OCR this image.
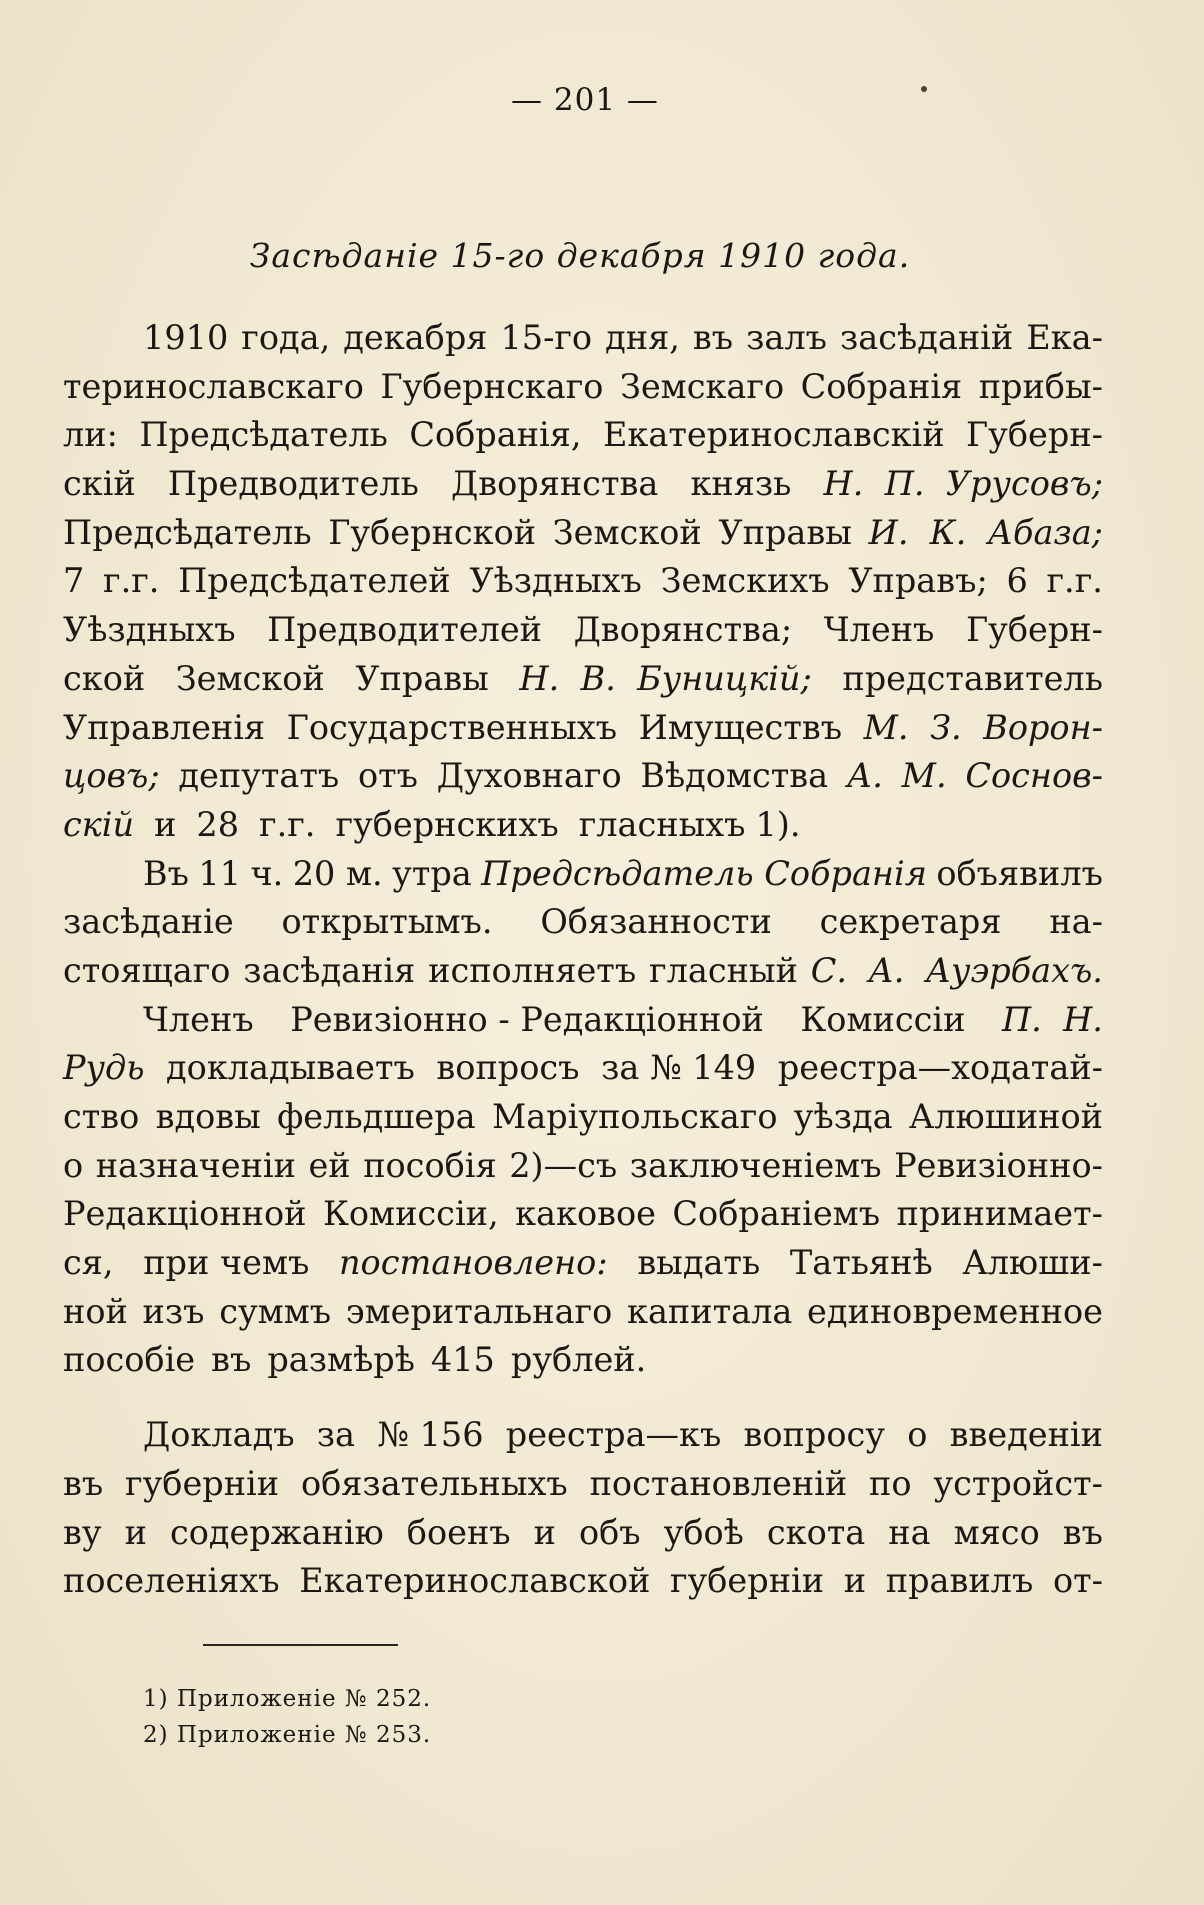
— 201 —
Засѣданіе 15-го декабря 1910 года.
1910 года, декабря 15-го дня, въ залъ засѣданій Ека-
теринославскаго Губернскаго Земскаго Собранія прибы-
ли: Предсѣдатель Собранія, Екатеринославскій Губерн-
скій Предводитель Дворянства князь Н.  П.  Урусовъ;
Предсѣдатель Губернской Земской Управы И.  К.  Абаза;
7 г.г. Предсѣдателей Уѣздныхъ Земскихъ Управъ; 6 г.г.
Уѣздныхъ Предводителей Дворянства; Членъ Губерн-
ской Земской Управы Н.  В.  Буницкій; представитель
Управленія Государственныхъ Имуществъ М. З. Ворон-
цовъ; депутатъ отъ Духовнаго Вѣдомства А. М. Соснов-
скій и 28 г.г. губернскихъ гласныхъ 1).
Въ 11 ч. 20 м. утра Предсѣдатель Собранія объявилъ
засѣданіе открытымъ. Обязанности секретаря на-
стоящаго засѣданія исполняетъ гласный С.  А.  Ауэрбахъ.
Членъ Ревизіонно - Редакціонной Комиссіи П.  Н.
Рудь докладываетъ вопросъ за № 149 реестра—ходатай-
ство вдовы фельдшера Маріупольскаго уѣзда Алюшиной
о назначеніи ей пособія 2)—съ заключеніемъ Ревизіонно-
Редакціонной Комиссіи, каковое Собраніемъ принимает-
ся, при чемъ постановлено: выдать Татьянѣ Алюши-
ной изъ суммъ эмеритальнаго капитала единовременное
пособіе въ размѣрѣ 415 рублей.
Докладъ за № 156 реестра—къ вопросу о введеніи
въ губерніи обязательныхъ постановленій по устройст-
ву и содержанію боенъ и объ убоѣ скота на мясо въ
поселеніяхъ Екатеринославской губерніи и правилъ от-
1) Приложеніе № 252.
2) Приложеніе № 253.
